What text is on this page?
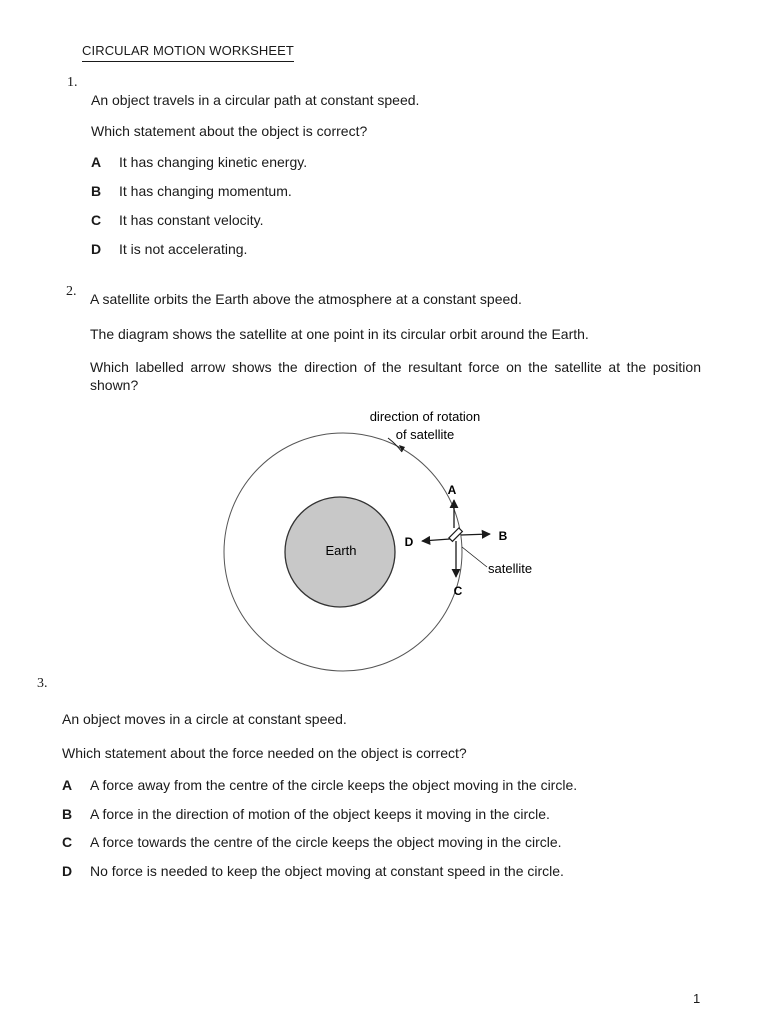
CIRCULAR MOTION WORKSHEET
1.
An object travels in a circular path at constant speed.
Which statement about the object is correct?
A It has changing kinetic energy.
B It has changing momentum.
C It has constant velocity.
D It is not accelerating.
2. A satellite orbits the Earth above the atmosphere at a constant speed.
The diagram shows the satellite at one point in its circular orbit around the Earth.
Which labelled arrow shows the direction of the resultant force on the satellite at the position shown?
Earth
direction of rotation
of satellite
A
B
C
D
satellite
3.
An object moves in a circle at constant speed.
Which statement about the force needed on the object is correct?
A A force away from the centre of the circle keeps the object moving in the circle.
B A force in the direction of motion of the object keeps it moving in the circle.
C A force towards the centre of the circle keeps the object moving in the circle.
D No force is needed to keep the object moving at constant speed in the circle.
1
